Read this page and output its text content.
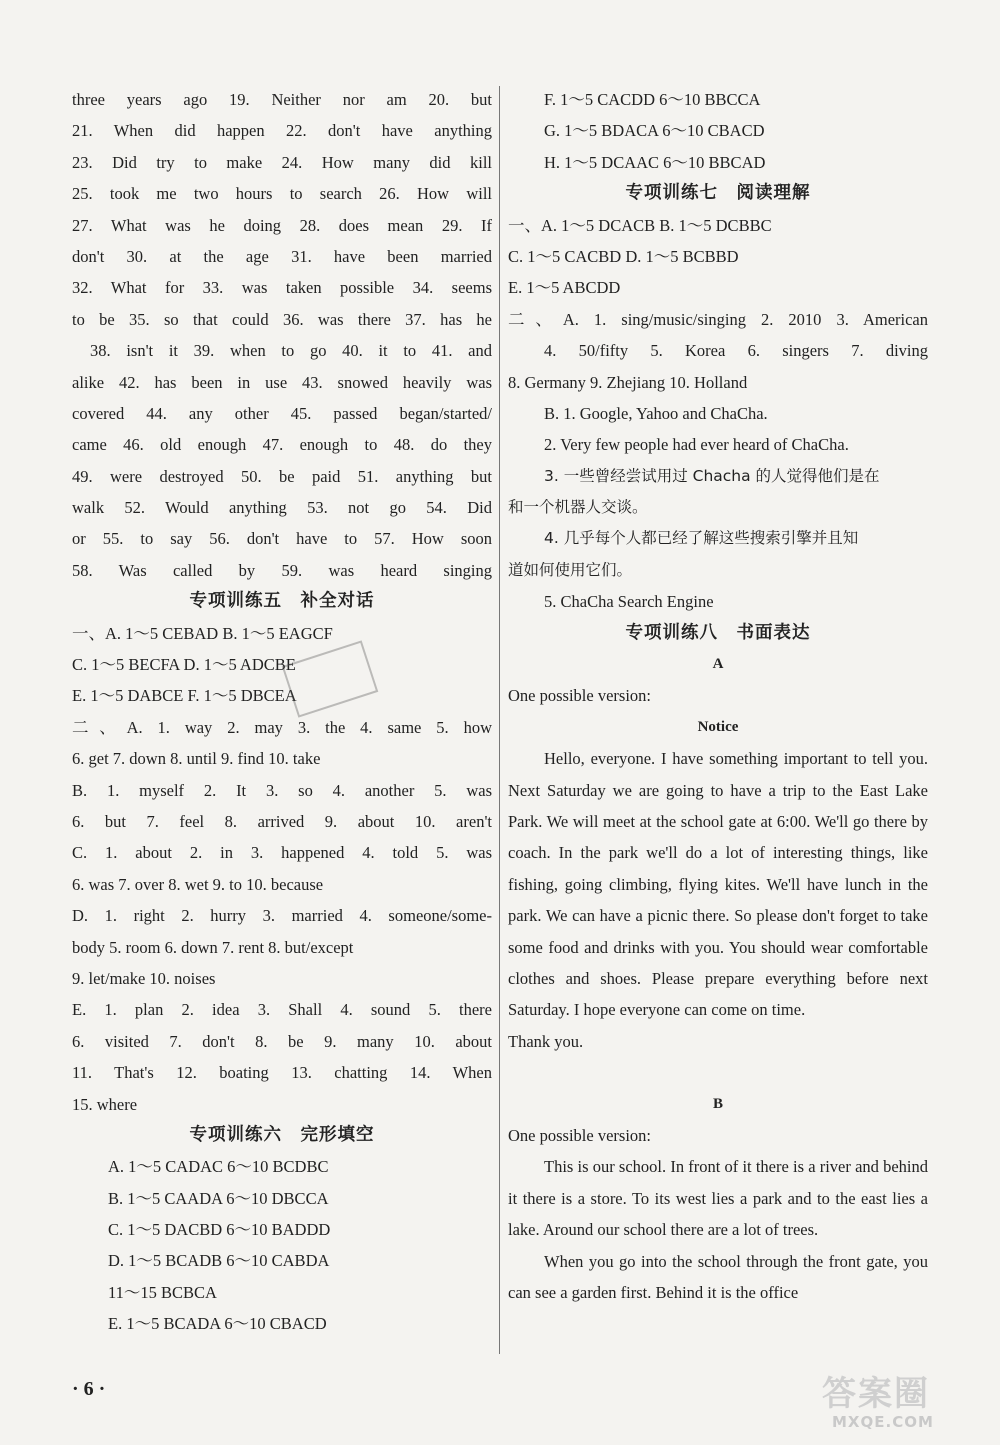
three years ago 19. Neither nor am 20. but
21. When did happen 22. don't have anything
23. Did try to make 24. How many did kill
25. took me two hours to search 26. How will
27. What was he doing 28. does mean 29. If
don't 30. at the age 31. have been married
32. What for 33. was taken possible 34. seems
to be 35. so that could 36. was there 37. has he
38. isn't it 39. when to go 40. it to 41. and
alike 42. has been in use 43. snowed heavily was
covered 44. any other 45. passed began/started/
came 46. old enough 47. enough to 48. do they
49. were destroyed 50. be paid 51. anything but
walk 52. Would anything 53. not go 54. Did
or 55. to say 56. don't have to 57. How soon
58. Was called by 59. was heard singing
专项训练五　补全对话
一、A. 1～5 CEBAD B. 1～5 EAGCF
C. 1～5 BECFA D. 1～5 ADCBE
E. 1～5 DABCE F. 1～5 DBCEA
二、A. 1. way 2. may 3. the 4. same 5. how
6. get 7. down 8. until 9. find 10. take
B. 1. myself 2. It 3. so 4. another 5. was
6. but 7. feel 8. arrived 9. about 10. aren't
C. 1. about 2. in 3. happened 4. told 5. was
6. was 7. over 8. wet 9. to 10. because
D. 1. right 2. hurry 3. married 4. someone/some-
body 5. room 6. down 7. rent 8. but/except
9. let/make 10. noises
E. 1. plan 2. idea 3. Shall 4. sound 5. there
6. visited 7. don't 8. be 9. many 10. about
11. That's 12. boating 13. chatting 14. When
15. where
专项训练六　完形填空
A. 1～5 CADAC 6～10 BCDBC
B. 1～5 CAADA 6～10 DBCCA
C. 1～5 DACBD 6～10 BADDD
D. 1～5 BCADB 6～10 CABDA
11～15 BCBCA
E. 1～5 BCADA 6～10 CBACD
F. 1～5 CACDD 6～10 BBCCA
G. 1～5 BDACA 6～10 CBACD
H. 1～5 DCAAC 6～10 BBCAD
专项训练七　阅读理解
一、A. 1～5 DCACB B. 1～5 DCBBC
C. 1～5 CACBD D. 1～5 BCBBD
E. 1～5 ABCDD
二、A. 1. sing/music/singing 2. 2010 3. American
4. 50/fifty 5. Korea 6. singers 7. diving
8. Germany 9. Zhejiang 10. Holland
B. 1. Google, Yahoo and ChaCha.
2. Very few people had ever heard of ChaCha.
3. 一些曾经尝试用过 Chacha 的人觉得他们是在
和一个机器人交谈。
4. 几乎每个人都已经了解这些搜索引擎并且知
道如何使用它们。
5. ChaCha Search Engine
专项训练八　书面表达
A
One possible version:
Notice
Hello, everyone. I have something important to tell you. Next Saturday we are going to have a trip to the East Lake Park. We will meet at the school gate at 6:00. We'll go there by coach. In the park we'll do a lot of interesting things, like fishing, going climbing, flying kites. We'll have lunch in the park. We can have a picnic there. So please don't forget to take some food and drinks with you. You should wear comfortable clothes and shoes. Please prepare everything before next Saturday. I hope everyone can come on time.
Thank you.
B
One possible version:
This is our school. In front of it there is a river and behind it there is a store. To its west lies a park and to the east lies a lake. Around our school there are a lot of trees.
When you go into the school through the front gate, you can see a garden first. Behind it is the office
· 6 ·	答案圈
MXQE.COM
